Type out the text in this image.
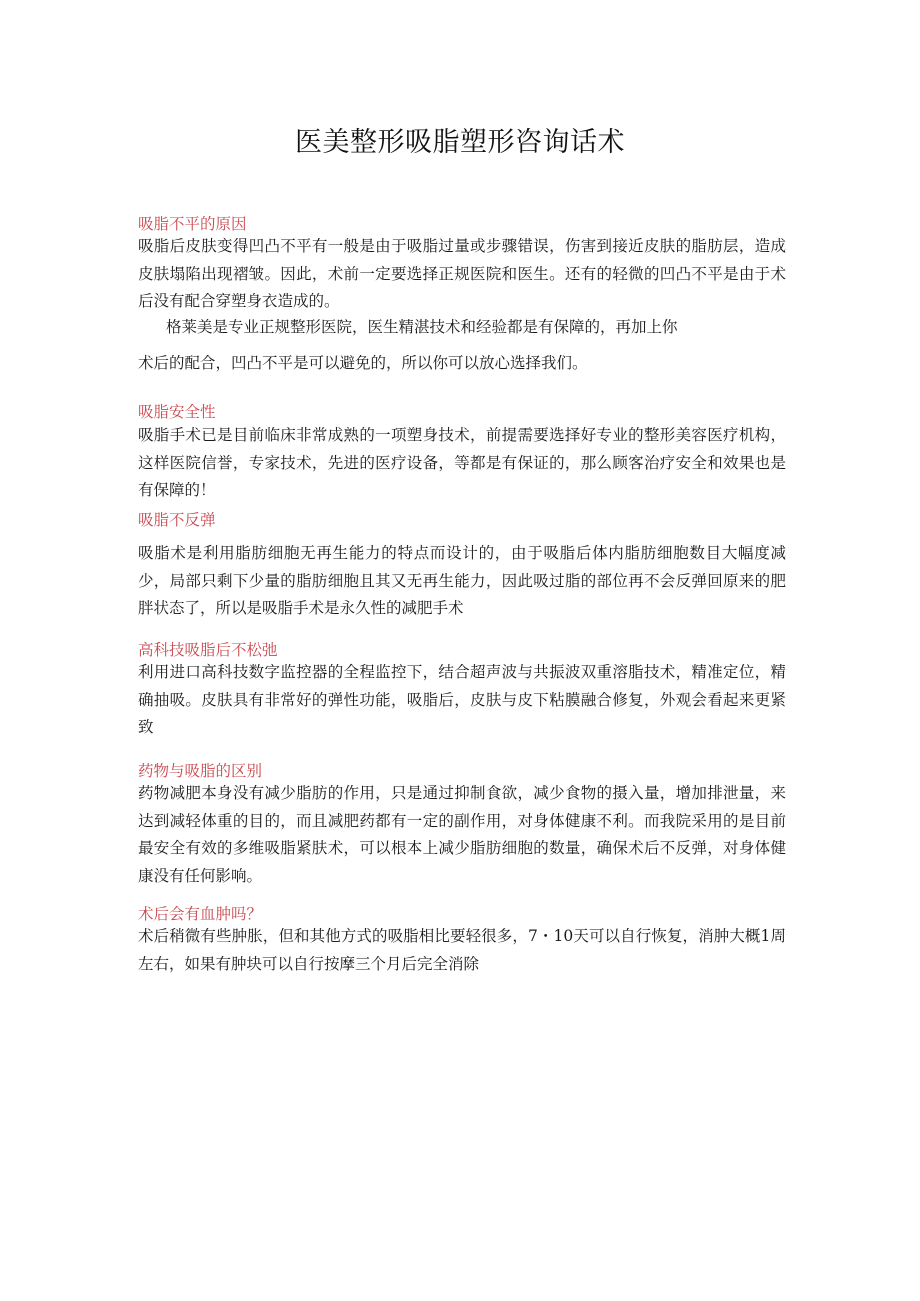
医美整形吸脂塑形咨询话术
吸脂不平的原因

吸脂后皮肤变得凹凸不平有一般是由于吸脂过量或步骤错误，伤害到接近皮肤的脂肪层，造成皮肤塌陷出现褶皱。因此，术前一定要选择正规医院和医生。还有的轻微的凹凸不平是由于术后没有配合穿塑身衣造成的。

格莱美是专业正规整形医院，医生精湛技术和经验都是有保障的，再加上你

术后的配合，凹凸不平是可以避免的，所以你可以放心选择我们。

吸脂安全性

吸脂手术已是目前临床非常成熟的一项塑身技术，前提需要选择好专业的整形美容医疗机构，这样医院信誉，专家技术，先进的医疗设备，等都是有保证的，那么顾客治疗安全和效果也是有保障的！

吸脂不反弹

吸脂术是利用脂肪细胞无再生能力的特点而设计的，由于吸脂后体内脂肪细胞数目大幅度减少，局部只剩下少量的脂肪细胞且其又无再生能力，因此吸过脂的部位再不会反弹回原来的肥胖状态了，所以是吸脂手术是永久性的减肥手术

高科技吸脂后不松弛

利用进口高科技数字监控器的全程监控下，结合超声波与共振波双重溶脂技术，精准定位，精确抽吸。皮肤具有非常好的弹性功能，吸脂后，皮肤与皮下粘膜融合修复，外观会看起来更紧致

药物与吸脂的区别

药物减肥本身没有减少脂肪的作用，只是通过抑制食欲，减少食物的摄入量，增加排泄量，来达到减轻体重的目的，而且减肥药都有一定的副作用，对身体健康不利。而我院采用的是目前最安全有效的多维吸脂紧肤术，可以根本上减少脂肪细胞的数量，确保术后不反弹，对身体健康没有任何影响。

术后会有血肿吗？

术后稍微有些肿胀，但和其他方式的吸脂相比要轻很多，7・10天可以自行恢复，消肿大概1周左右，如果有肿块可以自行按摩三个月后完全消除
